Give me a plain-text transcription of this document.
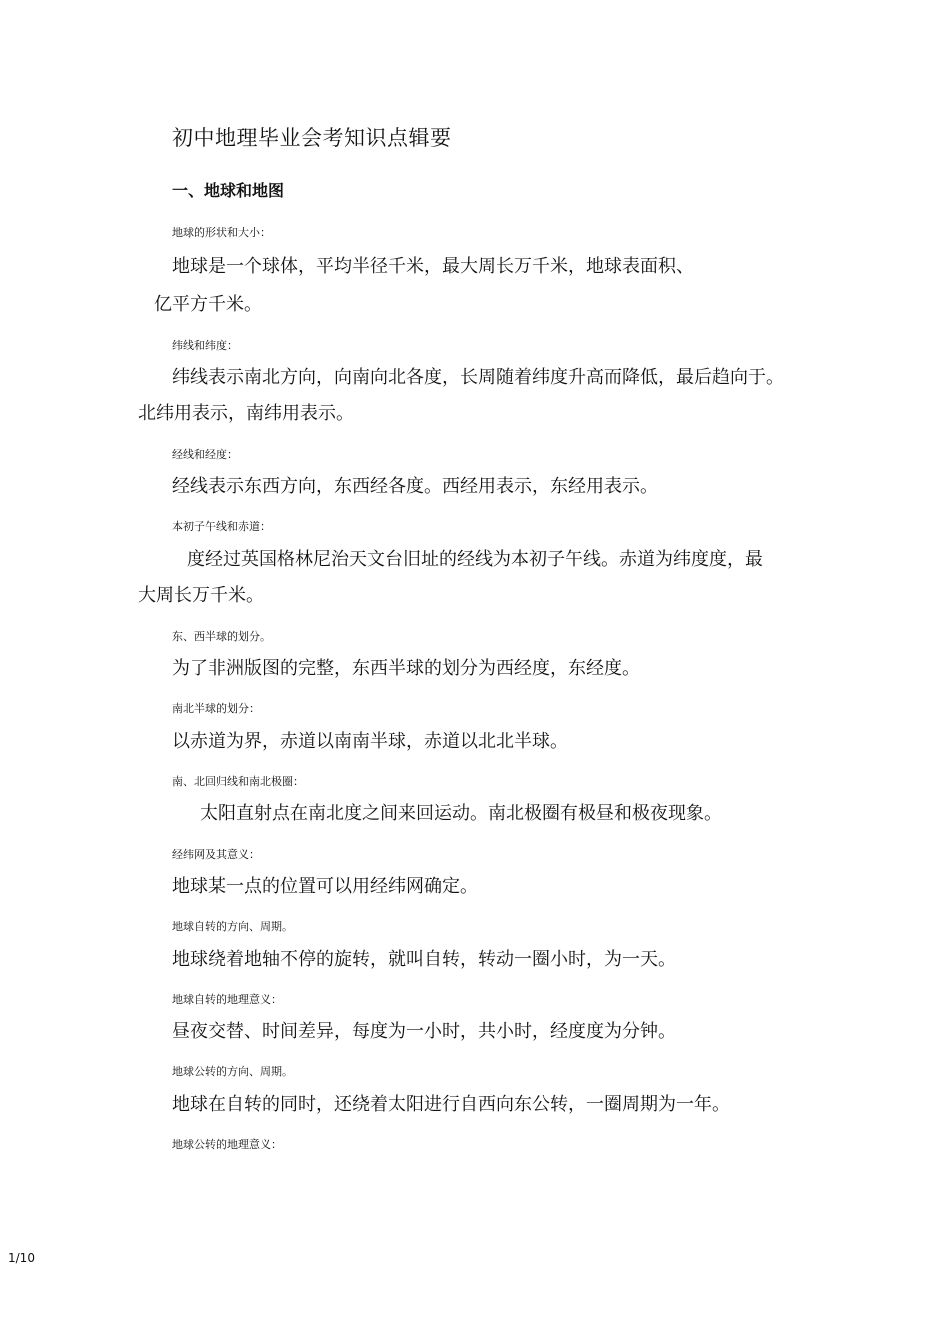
初中地理毕业会考知识点辑要
一、地球和地图
地球的形状和大小：
地球是一个球体，平均半径千米，最大周长万千米，地球表面积、
亿平方千米。
纬线和纬度：
纬线表示南北方向，向南向北各度，长周随着纬度升高而降低，最后趋向于。
北纬用表示，南纬用表示。
经线和经度：
经线表示东西方向，东西经各度。西经用表示，东经用表示。
本初子午线和赤道：
度经过英国格林尼治天文台旧址的经线为本初子午线。赤道为纬度度，最
大周长万千米。
东、西半球的划分。
为了非洲版图的完整，东西半球的划分为西经度，东经度。
南北半球的划分：
以赤道为界，赤道以南南半球，赤道以北北半球。
南、北回归线和南北极圈：
太阳直射点在南北度之间来回运动。南北极圈有极昼和极夜现象。
经纬网及其意义：
地球某一点的位置可以用经纬网确定。
地球自转的方向、周期。
地球绕着地轴不停的旋转，就叫自转，转动一圈小时，为一天。
地球自转的地理意义：
昼夜交替、时间差异，每度为一小时，共小时，经度度为分钟。
地球公转的方向、周期。
地球在自转的同时，还绕着太阳进行自西向东公转，一圈周期为一年。
地球公转的地理意义：
1/10
